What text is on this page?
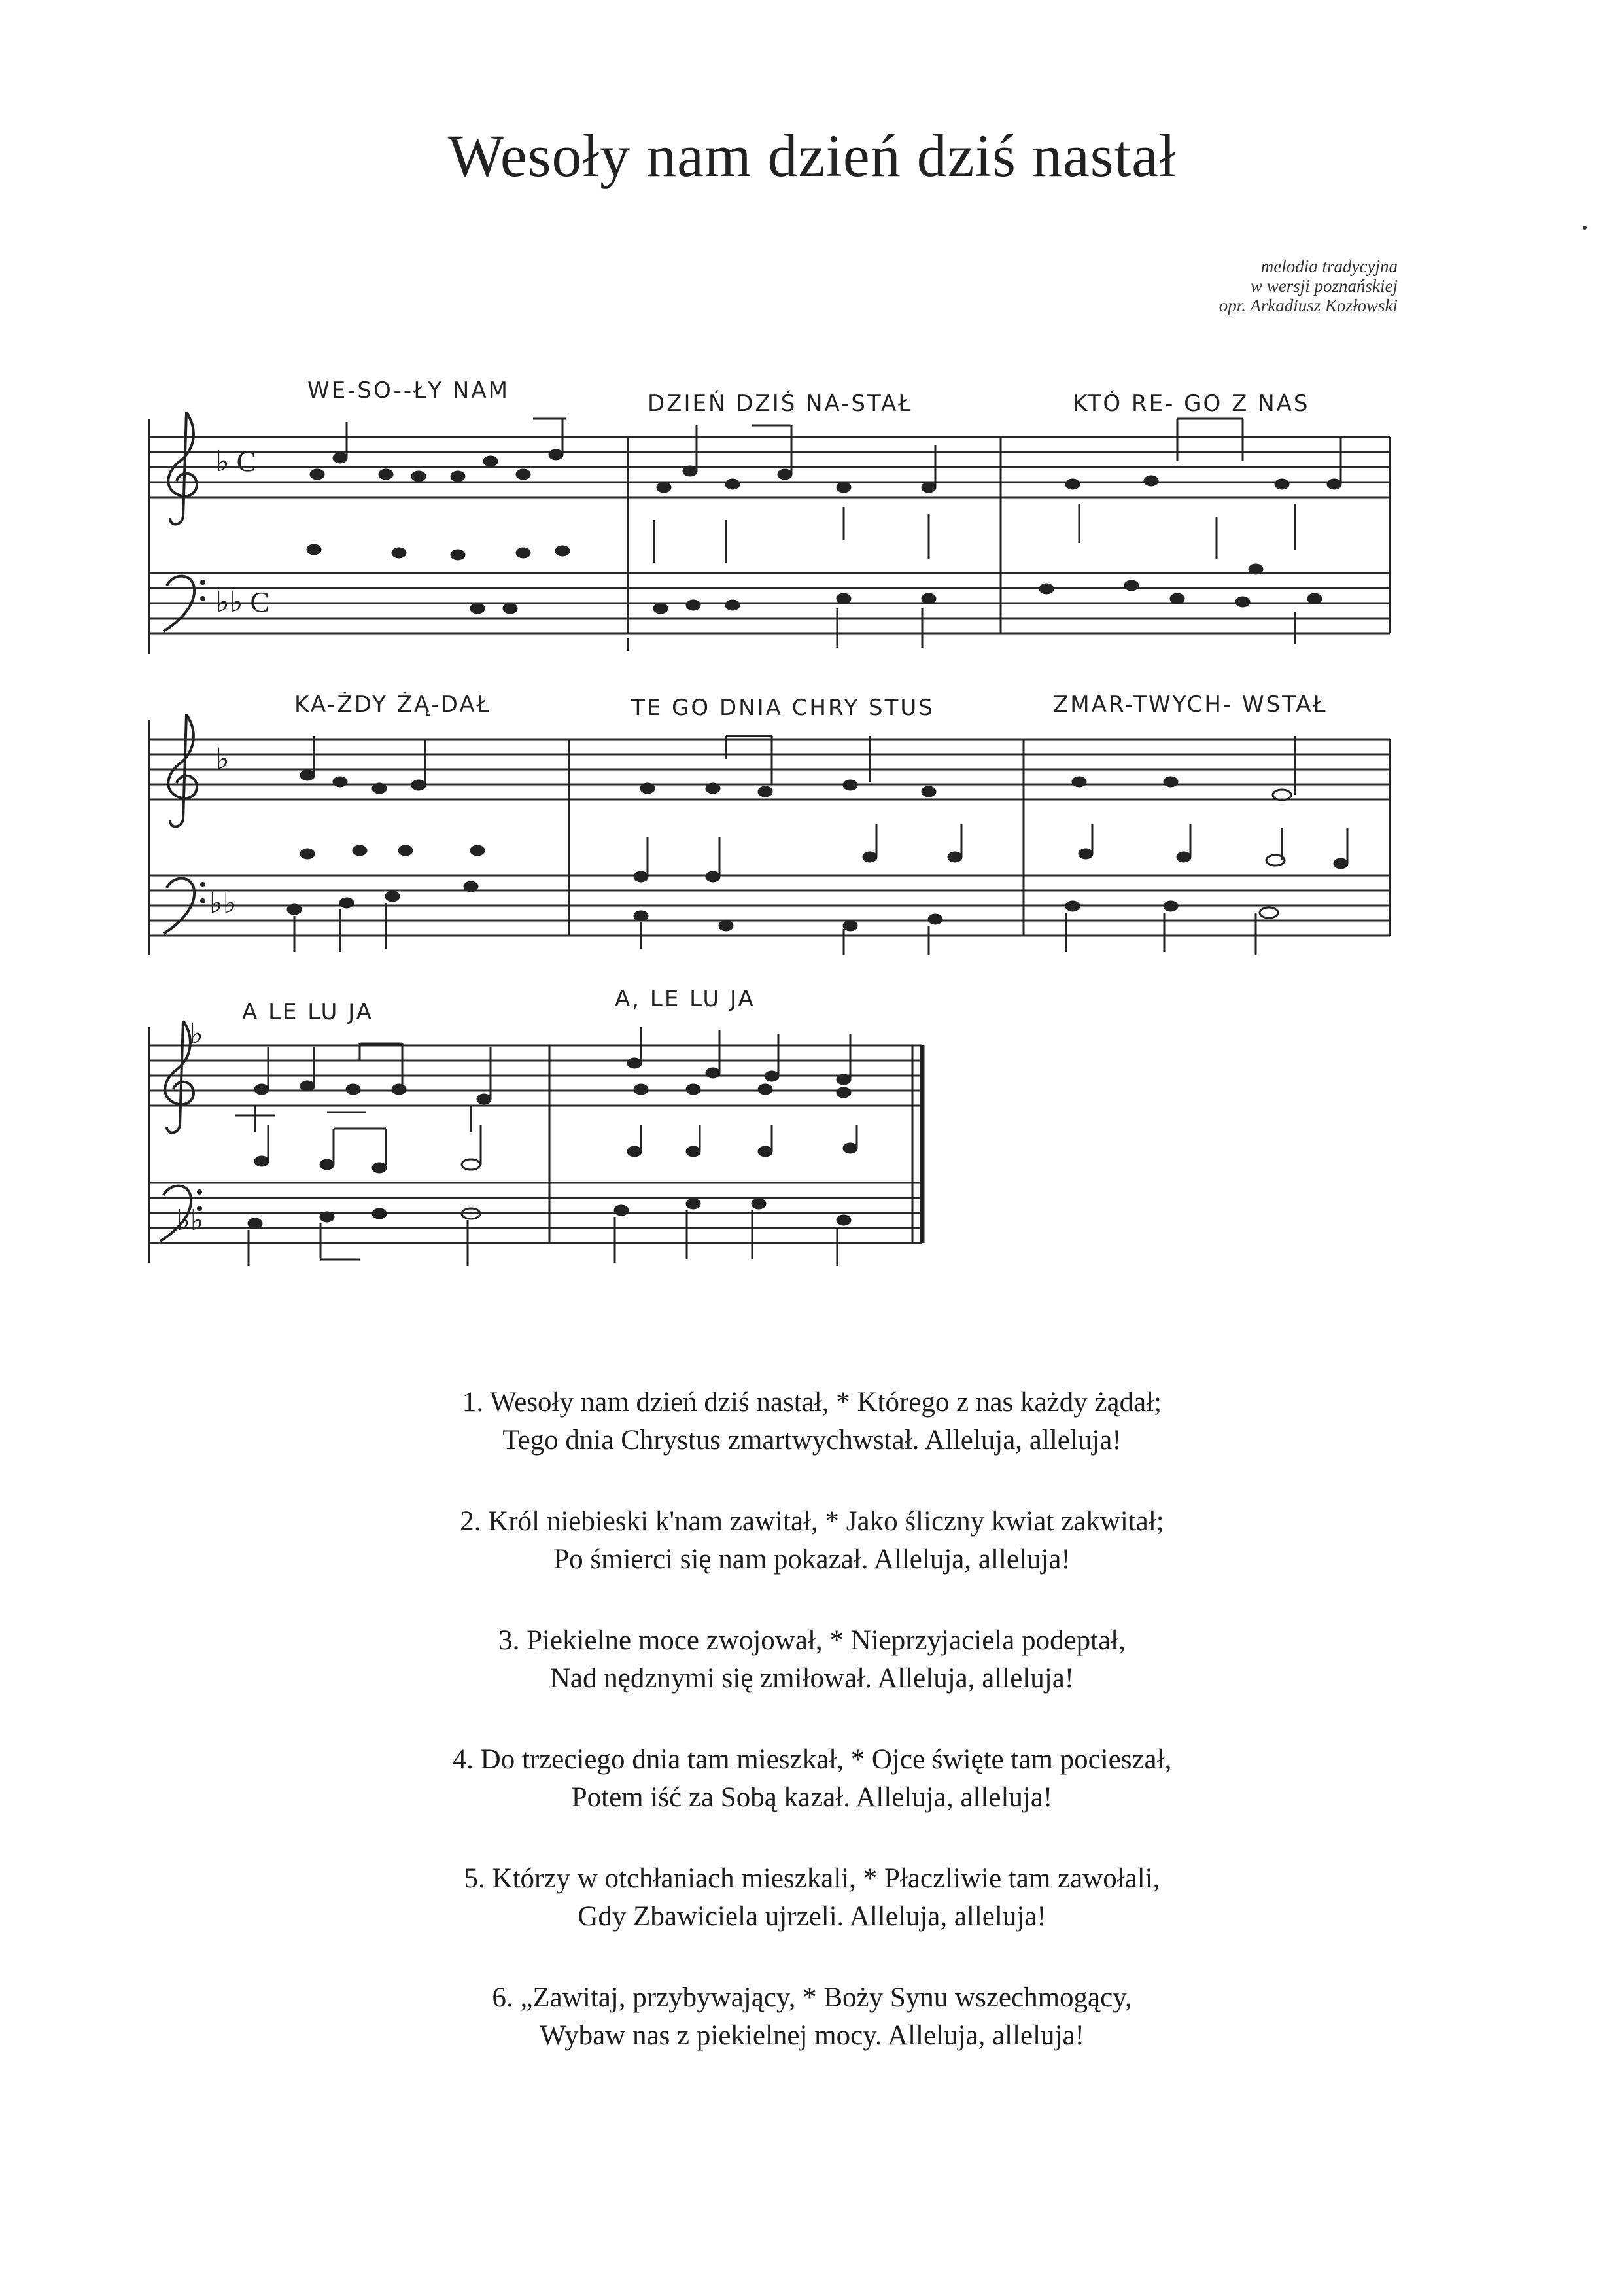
Wesoły nam dzień dziś nastał
melodia tradycyjna
w wersji poznańskiej
opr. Arkadiusz Kozłowski
WE-SO--ŁY NAM	DZIEŃ DZIŚ NA-STAŁ	KTÓ RE- GO Z NAS
♭ C
♭♭ C
KA-ŻDY ŻĄ-DAŁ	TE GO DNIA CHRY STUS	ZMAR-TWYCH- WSTAŁ
♭
♭♭
A LE LU JA	A, LE LU JA
♭
♭♭
1. Wesoły nam dzień dziś nastał, * Którego z nas każdy żądał;
Tego dnia Chrystus zmartwychwstał. Alleluja, alleluja!
2. Król niebieski k'nam zawitał, * Jako śliczny kwiat zakwitał;
Po śmierci się nam pokazał. Alleluja, alleluja!
3. Piekielne moce zwojował, * Nieprzyjaciela podeptał,
Nad nędznymi się zmiłował. Alleluja, alleluja!
4. Do trzeciego dnia tam mieszkał, * Ojce święte tam pocieszał,
Potem iść za Sobą kazał. Alleluja, alleluja!
5. Którzy w otchłaniach mieszkali, * Płaczliwie tam zawołali,
Gdy Zbawiciela ujrzeli. Alleluja, alleluja!
6. „Zawitaj, przybywający, * Boży Synu wszechmogący,
Wybaw nas z piekielnej mocy. Alleluja, alleluja!
